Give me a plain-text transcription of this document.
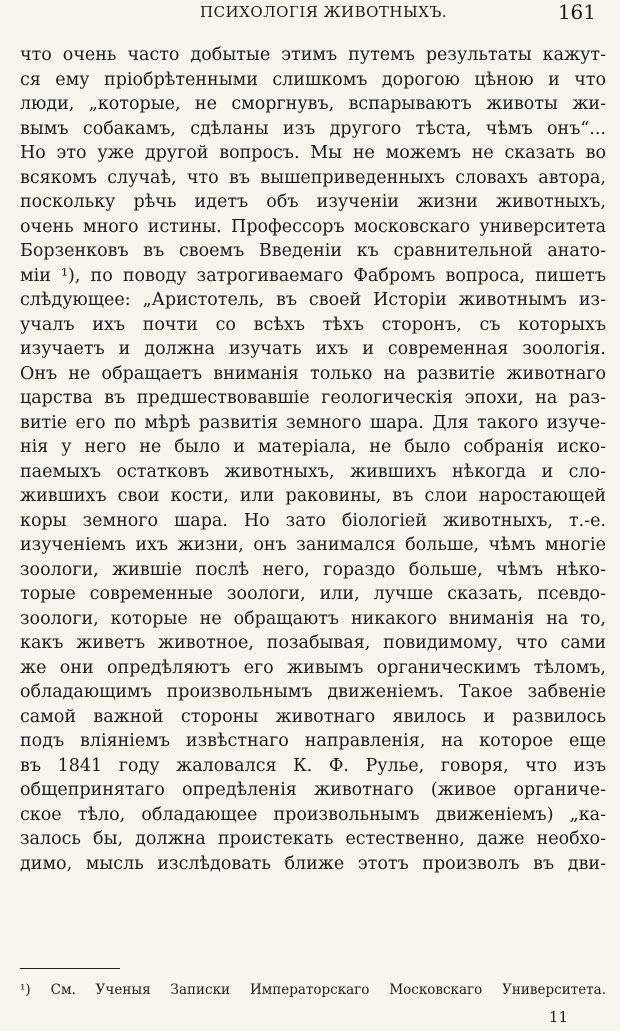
ПСИХОЛОГІЯ ЖИВОТНЫХЪ.	161
что очень часто добытые этимъ путемъ результаты кажут-
ся ему пріобрѣтенными слишкомъ дорогою цѣною и что
люди, „которые, не сморгнувъ, вспарываютъ животы жи-
вымъ собакамъ, сдѣланы изъ другого тѣста, чѣмъ онъ“...
Но это уже другой вопросъ. Мы не можемъ не сказать во
всякомъ случаѣ, что въ вышеприведенныхъ словахъ автора,
поскольку рѣчь идетъ объ изученіи жизни животныхъ,
очень много истины. Профессоръ московскаго университета
Борзенковъ въ своемъ Введеніи къ сравнительной анато-
міи ¹), по поводу затрогиваемаго Фабромъ вопроса, пишетъ
слѣдующее: „Аристотель, въ своей Исторіи животнымъ из-
учалъ ихъ почти со всѣхъ тѣхъ сторонъ, съ которыхъ
изучаетъ и должна изучать ихъ и современная зоологія.
Онъ не обращаетъ вниманія только на развитіе животнаго
царства въ предшествовавшіе геологическія эпохи, на раз-
витіе его по мѣрѣ развитія земного шара. Для такого изуче-
нія у него не было и матеріала, не было собранія иско-
паемыхъ остатковъ животныхъ, жившихъ нѣкогда и сло-
жившихъ свои кости, или раковины, въ слои наростающей
коры земного шара. Но зато біологіей животныхъ, т.-е.
изученіемъ ихъ жизни, онъ занимался больше, чѣмъ многіе
зоологи, жившіе послѣ него, гораздо больше, чѣмъ нѣко-
торые современные зоологи, или, лучше сказать, псевдо-
зоологи, которые не обращаютъ никакого вниманія на то,
какъ живетъ животное, позабывая, повидимому, что сами
же они опредѣляютъ его живымъ органическимъ тѣломъ,
обладающимъ произвольнымъ движеніемъ. Такое забвеніе
самой важной стороны животнаго явилось и развилось
подъ вліяніемъ извѣстнаго направленія, на которое еще
въ 1841 году жаловался К. Ф. Рулье, говоря, что изъ
общепринятаго опредѣленія животнаго (живое органиче-
ское тѣло, обладающее произвольнымъ движеніемъ) „ка-
залось бы, должна проистекать естественно, даже необхо-
димо, мысль изслѣдовать ближе этотъ произволъ въ дви-
¹) См. Ученыя Записки Императорскаго Московскаго Университета.
11
